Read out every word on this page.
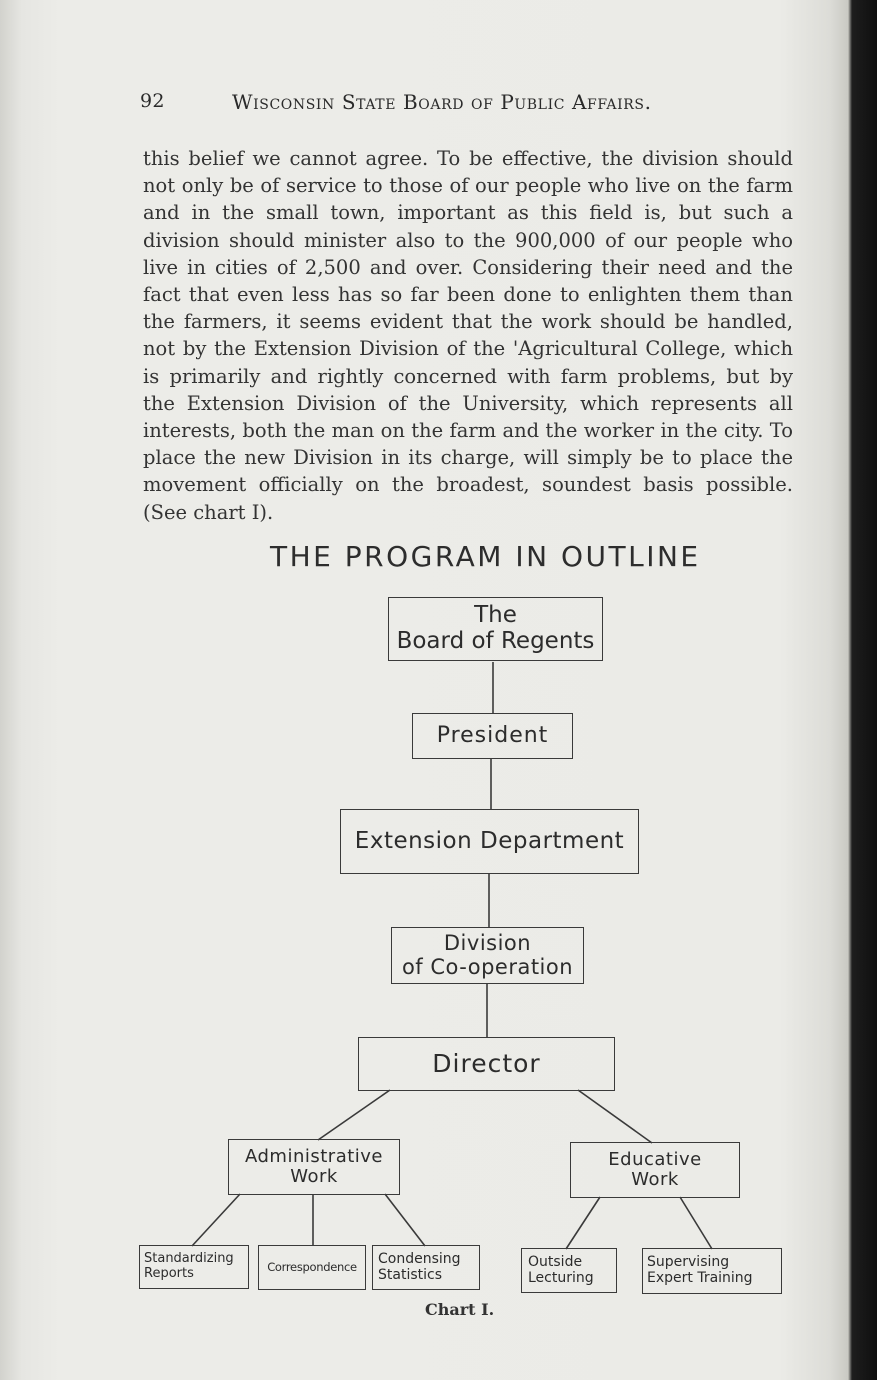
92	Wisconsin State Board of Public Affairs.

this belief we cannot agree. To be effective, the division should not only be of service to those of our people who live on the farm and in the small town, important as this field is, but such a division should minister also to the 900,000 of our people who live in cities of 2,500 and over. Considering their need and the fact that even less has so far been done to enlighten them than the farmers, it seems evident that the work should be handled, not by the Extension Division of the 'Agricultural College, which is primarily and rightly concerned with farm problems, but by the Extension Division of the University, which represents all interests, both the man on the farm and the worker in the city. To place the new Division in its charge, will simply be to place the movement officially on the broadest, soundest basis possible. (See chart I).

THE PROGRAM IN OUTLINE
The
Board of Regents
President
Extension Department
Division
of Co-operation
Director
Administrative
Work
Educative
Work
Standardizing
Reports	Correspondence
Condensing
Statistics
Outside
Lecturing
Supervising
Expert Training
Chart I.
